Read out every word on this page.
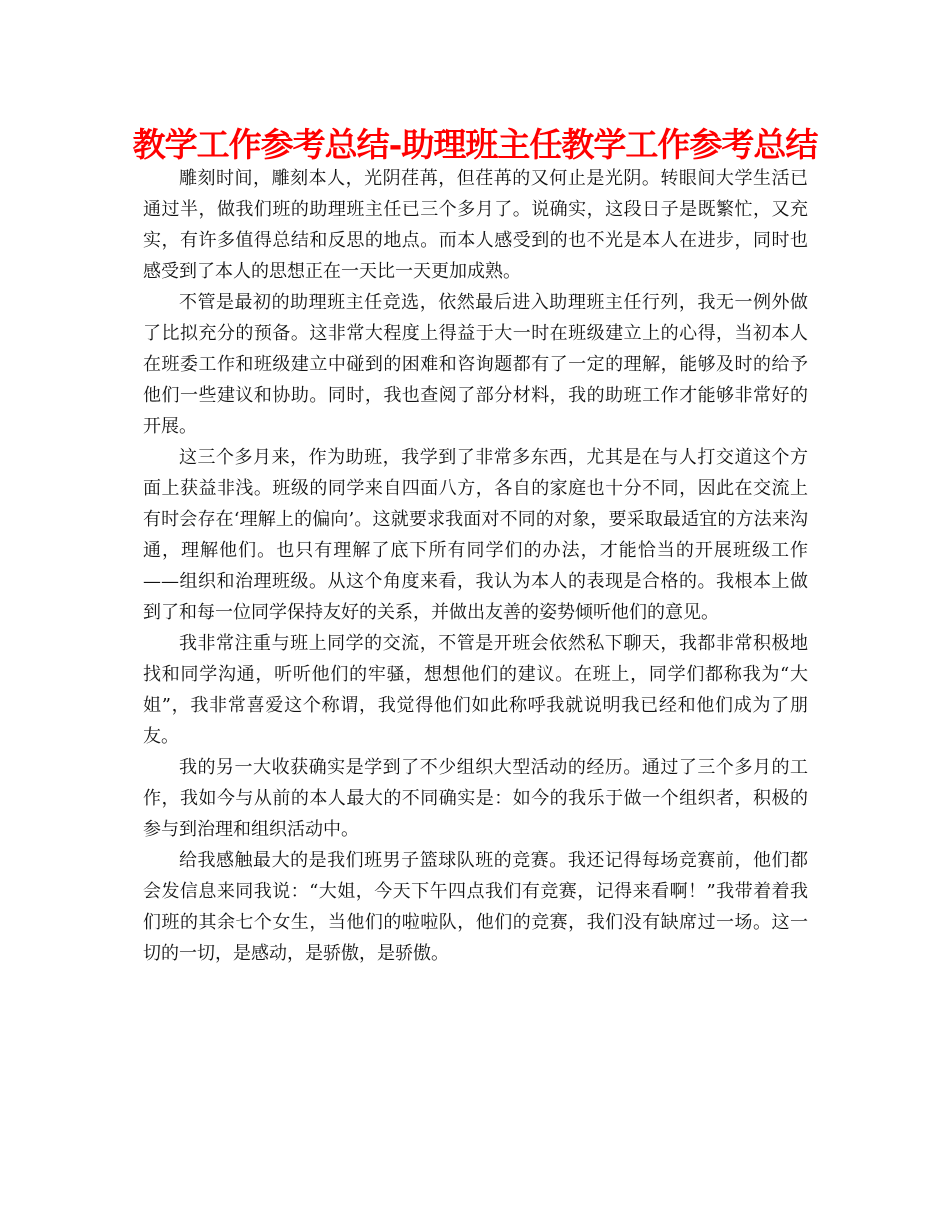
教学工作参考总结-助理班主任教学工作参考总结

雕刻时间，雕刻本人，光阴荏苒，但荏苒的又何止是光阴。转眼间大学生活已通过半，做我们班的助理班主任已三个多月了。说确实，这段日子是既繁忙，又充实，有许多值得总结和反思的地点。而本人感受到的也不光是本人在进步，同时也感受到了本人的思想正在一天比一天更加成熟。

不管是最初的助理班主任竞选，依然最后进入助理班主任行列，我无一例外做了比拟充分的预备。这非常大程度上得益于大一时在班级建立上的心得，当初本人在班委工作和班级建立中碰到的困难和咨询题都有了一定的理解，能够及时的给予他们一些建议和协助。同时，我也查阅了部分材料，我的助班工作才能够非常好的开展。

这三个多月来，作为助班，我学到了非常多东西，尤其是在与人打交道这个方面上获益非浅。班级的同学来自四面八方，各自的家庭也十分不同，因此在交流上有时会存在‘理解上的偏向’。这就要求我面对不同的对象，要采取最适宜的方法来沟通，理解他们。也只有理解了底下所有同学们的办法，才能恰当的开展班级工作——组织和治理班级。从这个角度来看，我认为本人的表现是合格的。我根本上做到了和每一位同学保持友好的关系，并做出友善的姿势倾听他们的意见。

我非常注重与班上同学的交流，不管是开班会依然私下聊天，我都非常积极地找和同学沟通，听听他们的牢骚，想想他们的建议。在班上，同学们都称我为“大姐”，我非常喜爱这个称谓，我觉得他们如此称呼我就说明我已经和他们成为了朋友。

我的另一大收获确实是学到了不少组织大型活动的经历。通过了三个多月的工作，我如今与从前的本人最大的不同确实是：如今的我乐于做一个组织者，积极的参与到治理和组织活动中。

给我感触最大的是我们班男子篮球队班的竞赛。我还记得每场竞赛前，他们都会发信息来同我说：“大姐，今天下午四点我们有竞赛，记得来看啊！”我带着着我们班的其余七个女生，当他们的啦啦队，他们的竞赛，我们没有缺席过一场。这一切的一切，是感动，是骄傲，是骄傲。
